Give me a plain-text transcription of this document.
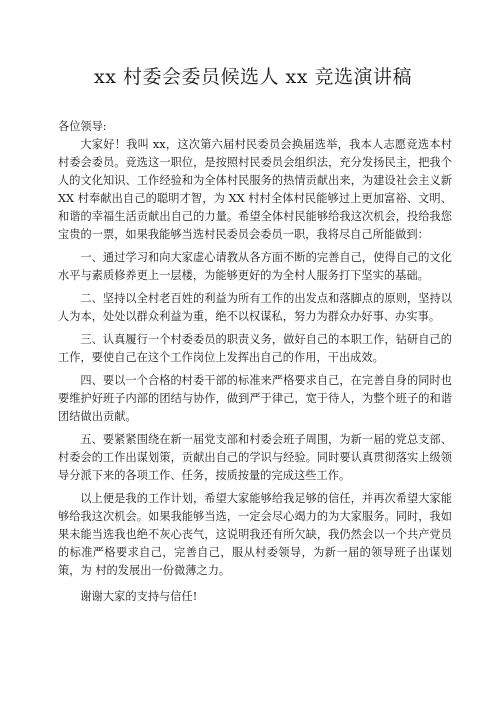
xx 村委会委员候选人 xx 竞选演讲稿

各位领导:

大家好！我叫 xx，这次第六届村民委员会换届选举，我本人志愿竞选本村村委会委员。竞选这一职位，是按照村民委员会组织法，充分发扬民主，把我个人的文化知识、工作经验和为全体村民服务的热情贡献出来，为建设社会主义新 XX 村奉献出自己的聪明才智，为 XX 村村全体村民能够过上更加富裕、文明、和谐的幸福生活贡献出自己的力量。希望全体村民能够给我这次机会，投给我您宝贵的一票，如果我能够当选村民委员会委员一职，我将尽自己所能做到：

一、通过学习和向大家虚心请教从各方面不断的完善自己，使得自己的文化水平与素质修养更上一层楼，为能够更好的为全村人服务打下坚实的基础。

二、坚持以全村老百姓的利益为所有工作的出发点和落脚点的原则，坚持以人为本，处处以群众利益为重，绝不以权谋私，努力为群众办好事、办实事。

三、认真履行一个村委委员的职责义务，做好自己的本职工作，钻研自己的工作，要使自己在这个工作岗位上发挥出自己的作用，干出成效。

四、要以一个合格的村委干部的标准来严格要求自己，在完善自身的同时也要维护好班子内部的团结与协作，做到严于律己，宽于待人，为整个班子的和谐团结做出贡献。

五、要紧紧围绕在新一届党支部和村委会班子周围，为新一届的党总支部、村委会的工作出谋划策，贡献出自己的学识与经验。同时要认真贯彻落实上级领导分派下来的各项工作、任务，按质按量的完成这些工作。

以上便是我的工作计划，希望大家能够给我足够的信任，并再次希望大家能够给我这次机会。如果我能够当选，一定会尽心竭力的为大家服务。同时，我如果未能当选我也绝不灰心丧气，这说明我还有所欠缺，我仍然会以一个共产党员的标准严格要求自己，完善自己，服从村委领导，为新一届的领导班子出谋划策，为 村的发展出一份微薄之力。

谢谢大家的支持与信任!
